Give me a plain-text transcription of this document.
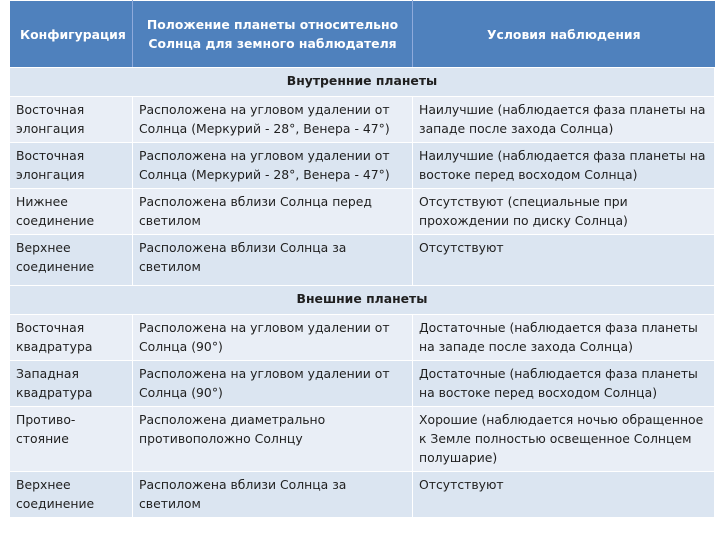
Конфигурация	Положение планеты относительно Солнца для земного наблюдателя	Условия наблюдения
Внутренние планеты		
Восточная элонгация	Расположена на угловом удалении от Солнца (Меркурий - 28°, Венера - 47°)	Наилучшие (наблюдается фаза планеты на западе после захода Солнца)
Восточная элонгация	Расположена на угловом удалении от Солнца (Меркурий - 28°, Венера - 47°)	Наилучшие (наблюдается фаза планеты на востоке перед восходом Солнца)
Нижнее соединение	Расположена вблизи Солнца перед светилом	Отсутствуют (специальные при прохождении по диску Солнца)
Верхнее соединение	Расположена вблизи Солнца за светилом	Отсутствуют
Внешние планеты		
Восточная квадратура	Расположена на угловом удалении от Солнца (90°)	Достаточные (наблюдается фаза планеты на западе после захода Солнца)
Западная квадратура	Расположена на угловом удалении от Солнца (90°)	Достаточные (наблюдается фаза планеты на востоке перед восходом Солнца)
Противо-стояние	Расположена диаметрально противоположно Солнцу	Хорошие (наблюдается ночью обращенное к Земле полностью освещенное Солнцем полушарие)
Верхнее соединение	Расположена вблизи Солнца за светилом	Отсутствуют
